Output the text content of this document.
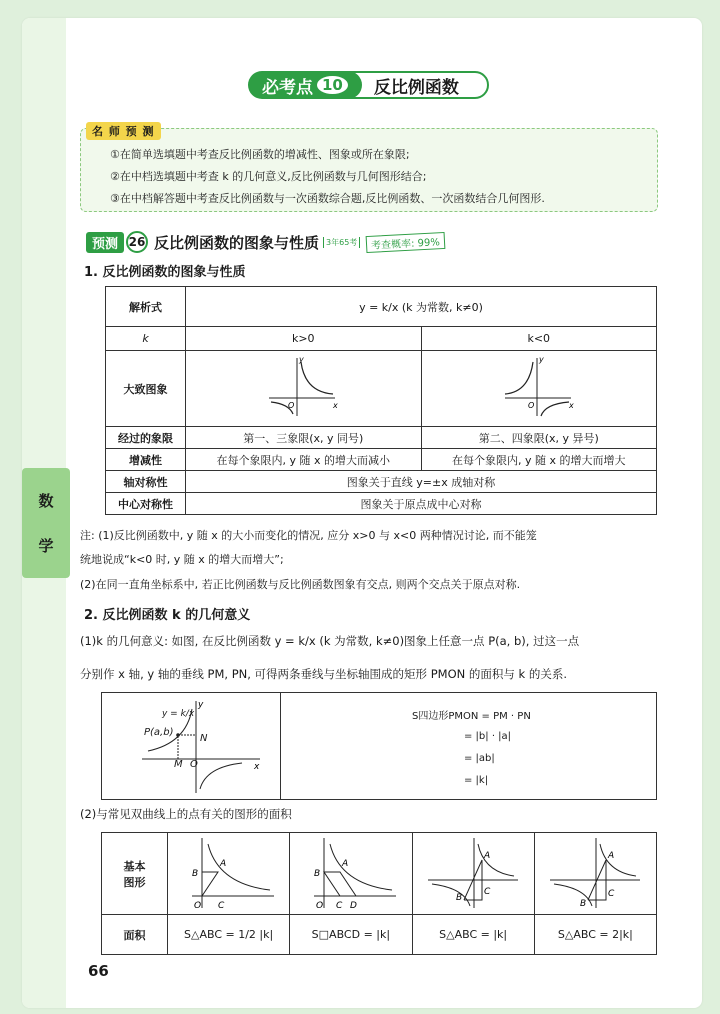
数
学
必考点 10	反比例函数
名 师 预 测
①在简单选填题中考查反比例函数的增减性、图象或所在象限;
②在中档选填题中考查 k 的几何意义,反比例函数与几何图形结合;
③在中档解答题中考查反比例函数与一次函数综合题,反比例函数、一次函数结合几何图形.
预测 26 反比例函数的图象与性质 3年65考	考查概率: 99%
1. 反比例函数的图象与性质
解析式	y = k/x (k 为常数, k≠0)	
k	k>0	k<0
大致图象	y
x
O	y
x
O

经过的象限	第一、三象限(x, y 同号)	第二、四象限(x, y 异号)
增减性	在每个象限内, y 随 x 的增大而减小	在每个象限内, y 随 x 的增大而增大
轴对称性	图象关于直线 y=±x 成轴对称	
中心对称性	图象关于原点成中心对称	
注: (1)反比例函数中, y 随 x 的大小而变化的情况, 应分 x>0 与 x<0 两种情况讨论, 而不能笼
统地说成“k<0 时, y 随 x 的增大而增大”;
(2)在同一直角坐标系中, 若正比例函数与反比例函数图象有交点, 则两个交点关于原点对称.
2. 反比例函数 k 的几何意义
(1)k 的几何意义: 如图, 在反比例函数 y = k/x (k 为常数, k≠0)图象上任意一点 P(a, b), 过这一点
分别作 x 轴, y 轴的垂线 PM, PN, 可得两条垂线与坐标轴围成的矩形 PMON 的面积与 k 的关系.
y
x
y = k/x
P(a,b)
N
M O
S四边形PMON = PM · PN
= |b| · |a|
= |ab|
= |k|
(2)与常见双曲线上的点有关的图形的面积
基本
图形	B
A
O C	B
A
O C D	A
B
C	A
B
C

面积	S△ABC = 1/2 |k|	S□ABCD = |k|	S△ABC = |k|	S△ABC = 2|k|
66
